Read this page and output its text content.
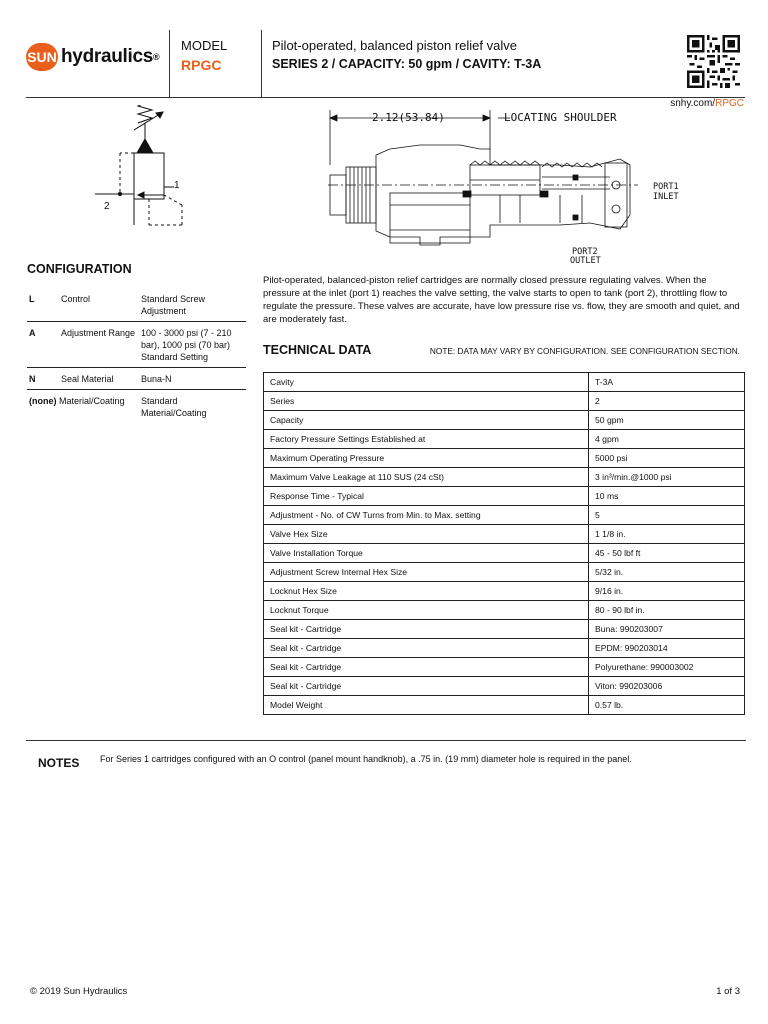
SUN hydraulics®
MODEL
RPGC
Pilot-operated, balanced piston relief valve
SERIES 2 / CAPACITY: 50 gpm / CAVITY: T-3A
snhy.com/RPGC
1
2
2.12(53.84)	LOCATING SHOULDER
PORT1
INLET
PORT2
OUTLET
CONFIGURATION
L	Control	Standard Screw Adjustment
A	Adjustment Range	100 - 3000 psi (7 - 210 bar), 1000 psi (70 bar) Standard Setting
N	Seal Material	Buna-N
(none) Material/Coating		Standard Material/Coating
Pilot-operated, balanced-piston relief cartridges are normally closed pressure regulating valves. When the pressure at the inlet (port 1) reaches the valve setting, the valve starts to open to tank (port 2), throttling flow to regulate the pressure. These valves are accurate, have low pressure rise vs. flow, they are smooth and quiet, and are moderately fast.
TECHNICAL DATA	NOTE: DATA MAY VARY BY CONFIGURATION. SEE CONFIGURATION SECTION.
Cavity	T-3A
Series	2
Capacity	50 gpm
Factory Pressure Settings Established at	4 gpm
Maximum Operating Pressure	5000 psi
Maximum Valve Leakage at 110 SUS (24 cSt)	3 in³/min.@1000 psi
Response Time - Typical	10 ms
Adjustment - No. of CW Turns from Min. to Max. setting	5
Valve Hex Size	1 1/8 in.
Valve Installation Torque	45 - 50 lbf ft
Adjustment Screw Internal Hex Size	5/32 in.
Locknut Hex Size	9/16 in.
Locknut Torque	80 - 90 lbf in.
Seal kit - Cartridge	Buna: 990203007
Seal kit - Cartridge	EPDM: 990203014
Seal kit - Cartridge	Polyurethane: 990003002
Seal kit - Cartridge	Viton: 990203006
Model Weight	0.57 lb.
NOTES For Series 1 cartridges configured with an O control (panel mount handknob), a .75 in. (19 mm) diameter hole is required in the panel.
© 2019 Sun Hydraulics	1 of 3
